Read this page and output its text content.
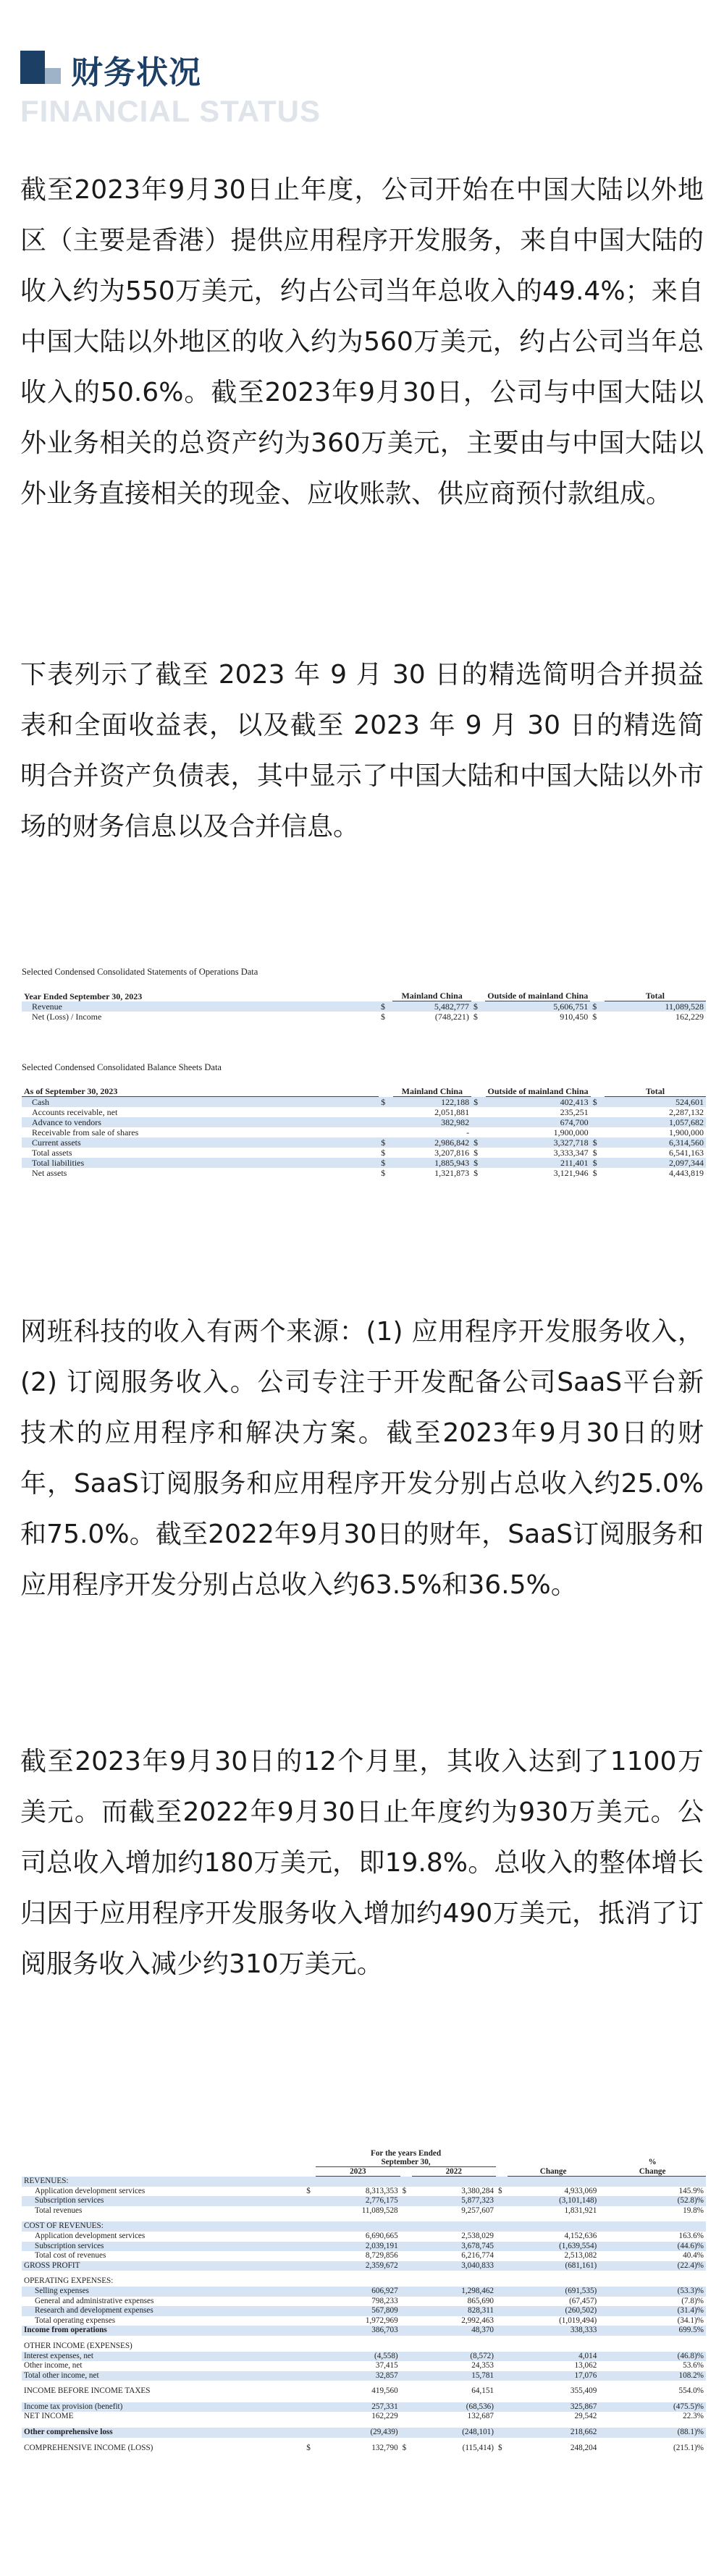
财务状况
FINANCIAL STATUS
截至2023年9月30日止年度，公司开始在中国大陆以外地区（主要是香港）提供应用程序开发服务，来自中国大陆的收入约为550万美元，约占公司当年总收入的49.4%；来自中国大陆以外地区的收入约为560万美元，约占公司当年总收入的50.6%。截至2023年9月30日，公司与中国大陆以外业务相关的总资产约为360万美元，主要由与中国大陆以外业务直接相关的现金、应收账款、供应商预付款组成。
下表列示了截至 2023 年 9 月 30 日的精选简明合并损益表和全面收益表，以及截至 2023 年 9 月 30 日的精选简明合并资产负债表，其中显示了中国大陆和中国大陆以外市场的财务信息以及合并信息。
Selected Condensed Consolidated Statements of Operations Data
Year Ended September 30, 2023		Mainland China		Outside of mainland China		Total
Revenue	$	5,482,777	$	5,606,751	$	11,089,528
Net (Loss) / Income	$	(748,221)	$	910,450	$	162,229
Selected Condensed Consolidated Balance Sheets Data
As of September 30, 2023		Mainland China		Outside of mainland China		Total
Cash	$	122,188	$	402,413	$	524,601
Accounts receivable, net		2,051,881		235,251		2,287,132
Advance to vendors		382,982		674,700		1,057,682
Receivable from sale of shares		-		1,900,000		1,900,000
Current assets	$	2,986,842	$	3,327,718	$	6,314,560
Total assets	$	3,207,816	$	3,333,347	$	6,541,163
Total liabilities	$	1,885,943	$	211,401	$	2,097,344
Net assets	$	1,321,873	$	3,121,946	$	4,443,819
网班科技的收入有两个来源：(1) 应用程序开发服务收入，(2) 订阅服务收入。公司专注于开发配备公司SaaS平台新技术的应用程序和解决方案。截至2023年9月30日的财年，SaaS订阅服务和应用程序开发分别占总收入约25.0%和75.0%。截至2022年9月30日的财年，SaaS订阅服务和应用程序开发分别占总收入约63.5%和36.5%。
截至2023年9月30日的12个月里，其收入达到了1100万美元。而截至2022年9月30日止年度约为930万美元。公司总收入增加约180万美元，即19.8%。总收入的整体增长归因于应用程序开发服务收入增加约490万美元，抵消了订阅服务收入减少约310万美元。
		For the years Ended					
		September 30,					%
		2023		2022		Change	Change
REVENUES:							
Application development services	$	8,313,353	$	3,380,284	$	4,933,069	145.9%
Subscription services		2,776,175		5,877,323		(3,101,148)	(52.8)%
Total revenues		11,089,528		9,257,607		1,831,921	19.8%

COST OF REVENUES:							
Application development services		6,690,665		2,538,029		4,152,636	163.6%
Subscription services		2,039,191		3,678,745		(1,639,554)	(44.6)%
Total cost of revenues		8,729,856		6,216,774		2,513,082	40.4%
GROSS PROFIT		2,359,672		3,040,833		(681,161)	(22.4)%

OPERATING EXPENSES:							
Selling expenses		606,927		1,298,462		(691,535)	(53.3)%
General and administrative expenses		798,233		865,690		(67,457)	(7.8)%
Research and development expenses		567,809		828,311		(260,502)	(31.4)%
Total operating expenses		1,972,969		2,992,463		(1,019,494)	(34.1)%
Income from operations		386,703		48,370		338,333	699.5%

OTHER INCOME (EXPENSES)							
Interest expenses, net		(4,558)		(8,572)		4,014	(46.8)%
Other income, net		37,415		24,353		13,062	53.6%
Total other income, net		32,857		15,781		17,076	108.2%

INCOME BEFORE INCOME TAXES		419,560		64,151		355,409	554.0%

Income tax provision (benefit)		257,331		(68,536)		325,867	(475.5)%
NET INCOME		162,229		132,687		29,542	22.3%

Other comprehensive loss		(29,439)		(248,101)		218,662	(88.1)%

COMPREHENSIVE INCOME (LOSS)	$	132,790	$	(115,414)	$	248,204	(215.1)%
